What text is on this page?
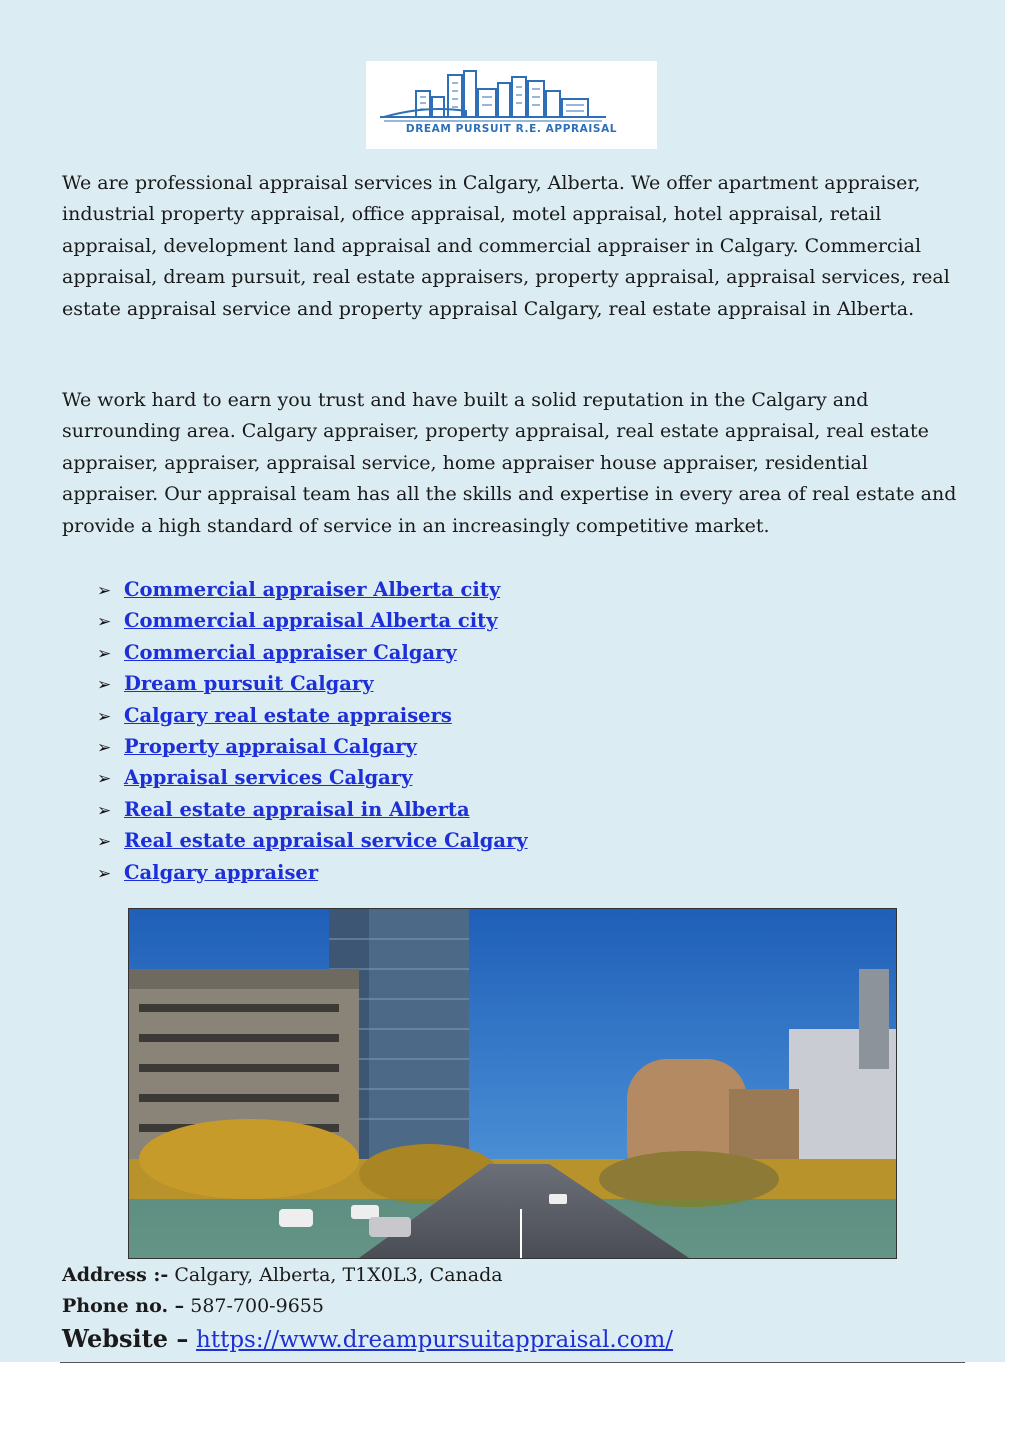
DREAM PURSUIT R.E. APPRAISAL

We are professional appraisal services in Calgary, Alberta. We offer apartment appraiser, industrial property appraisal, office appraisal, motel appraisal, hotel appraisal, retail appraisal, development land appraisal and commercial appraiser in Calgary. Commercial appraisal, dream pursuit, real estate appraisers, property appraisal, appraisal services, real estate appraisal service and property appraisal Calgary, real estate appraisal in Alberta.

We work hard to earn you trust and have built a solid reputation in the Calgary and surrounding area. Calgary appraiser, property appraisal, real estate appraisal, real estate appraiser, appraiser, appraisal service, home appraiser house appraiser, residential appraiser. Our appraisal team has all the skills and expertise in every area of real estate and provide a high standard of service in an increasingly competitive market.

➢ Commercial appraiser Alberta city
➢ Commercial appraisal Alberta city
➢ Commercial appraiser Calgary
➢ Dream pursuit Calgary
➢ Calgary real estate appraisers
➢ Property appraisal Calgary
➢ Appraisal services Calgary
➢ Real estate appraisal in Alberta
➢ Real estate appraisal service Calgary
➢ Calgary appraiser
Address :- Calgary, Alberta, T1X0L3, Canada
Phone no. – 587-700-9655
Website – https://www.dreampursuitappraisal.com/
